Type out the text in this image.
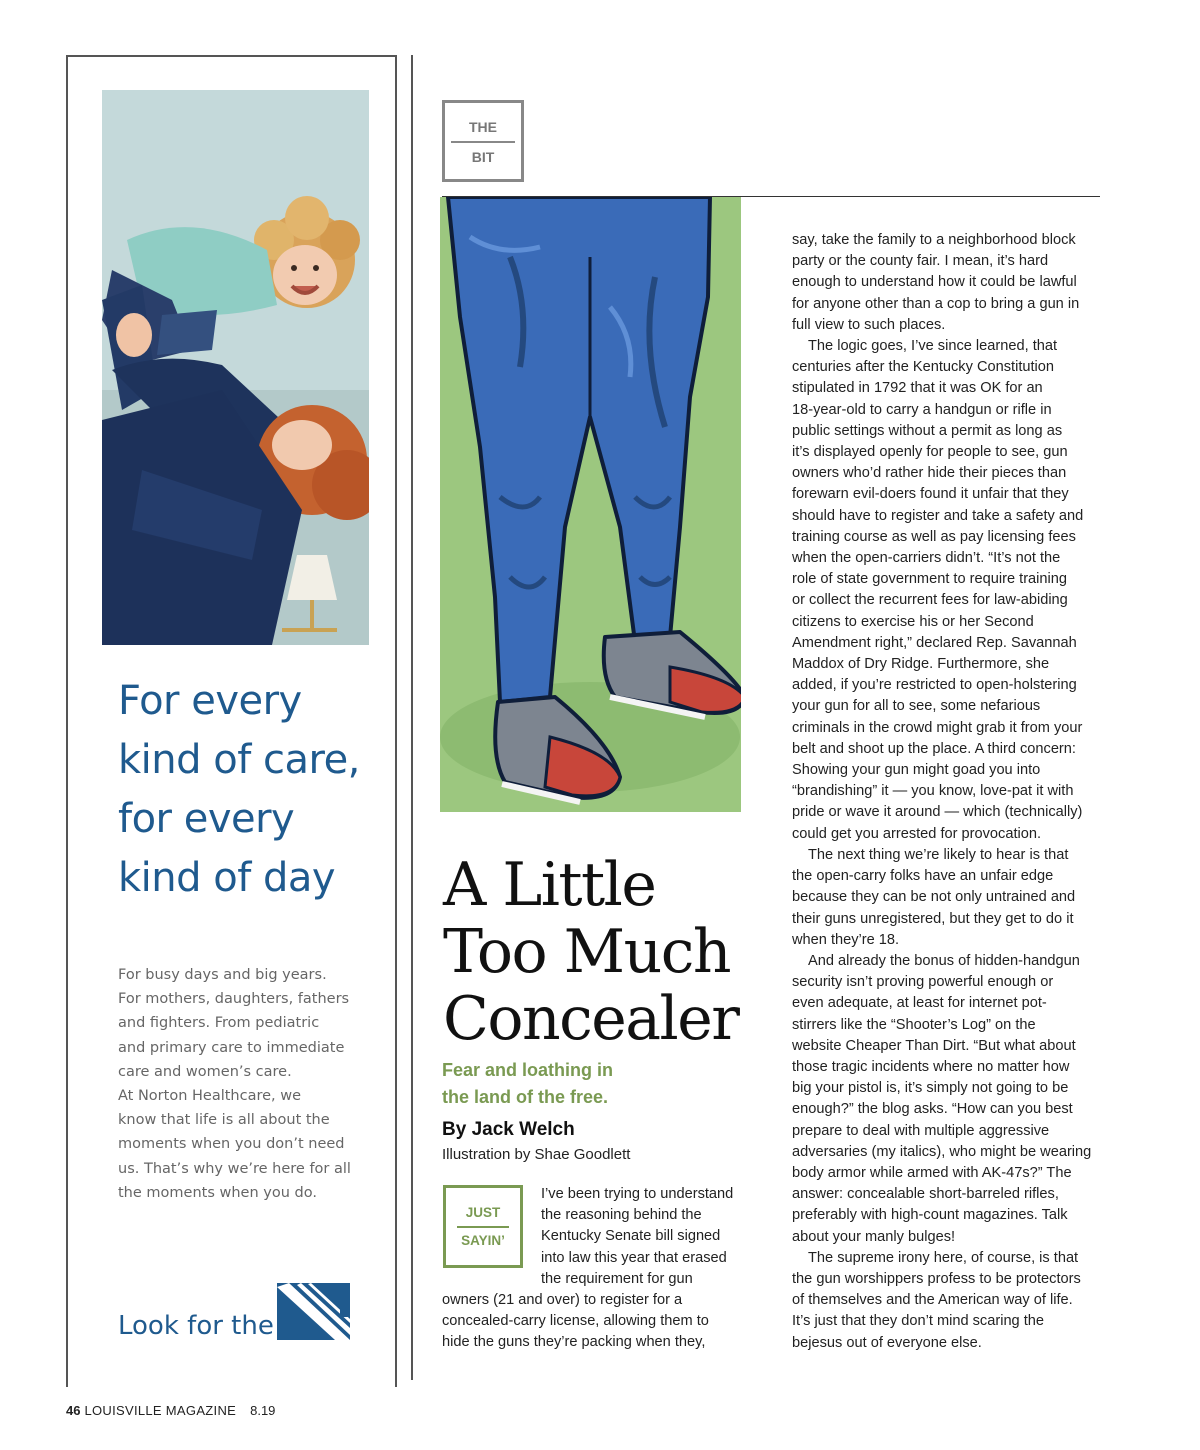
For every
kind of care,
for every
kind of day
For busy days and big years.
For mothers, daughters, fathers
and fighters. From pediatric
and primary care to immediate
care and women’s care.
At Norton Healthcare, we
know that life is all about the
moments when you don’t need
us. That’s why we’re here for all
the moments when you do.
Look for the
THE
BIT
A Little
Too Much
Concealer
Fear and loathing in
the land of the free.
By Jack Welch
Illustration by Shae Goodlett
JUST
SAYIN’
I’ve been trying to understand
the reasoning behind the
Kentucky Senate bill signed
into law this year that erased
the requirement for gun
owners (21 and over) to register for a
concealed-carry license, allowing them to
hide the guns they’re packing when they,
say, take the family to a neighborhood block
party or the county fair. I mean, it’s hard
enough to understand how it could be lawful
for anyone other than a cop to bring a gun in
full view to such places.
The logic goes, I’ve since learned, that
centuries after the Kentucky Constitution
stipulated in 1792 that it was OK for an
18-year-old to carry a handgun or rifle in
public settings without a permit as long as
it’s displayed openly for people to see, gun
owners who’d rather hide their pieces than
forewarn evil-doers found it unfair that they
should have to register and take a safety and
training course as well as pay licensing fees
when the open-carriers didn’t. “It’s not the
role of state government to require training
or collect the recurrent fees for law-abiding
citizens to exercise his or her Second
Amendment right,” declared Rep. Savannah
Maddox of Dry Ridge. Furthermore, she
added, if you’re restricted to open-holstering
your gun for all to see, some nefarious
criminals in the crowd might grab it from your
belt and shoot up the place. A third concern:
Showing your gun might goad you into
“brandishing” it — you know, love-pat it with
pride or wave it around — which (technically)
could get you arrested for provocation.
The next thing we’re likely to hear is that
the open-carry folks have an unfair edge
because they can be not only untrained and
their guns unregistered, but they get to do it
when they’re 18.
And already the bonus of hidden-handgun
security isn’t proving powerful enough or
even adequate, at least for internet pot-
stirrers like the “Shooter’s Log” on the
website Cheaper Than Dirt. “But what about
those tragic incidents where no matter how
big your pistol is, it’s simply not going to be
enough?” the blog asks. “How can you best
prepare to deal with multiple aggressive
adversaries (my italics), who might be wearing
body armor while armed with AK-47s?” The
answer: concealable short-barreled rifles,
preferably with high-count magazines. Talk
about your manly bulges!
The supreme irony here, of course, is that
the gun worshippers profess to be protectors
of themselves and the American way of life.
It’s just that they don’t mind scaring the
bejesus out of everyone else.
46 LOUISVILLE MAGAZINE 8.19
